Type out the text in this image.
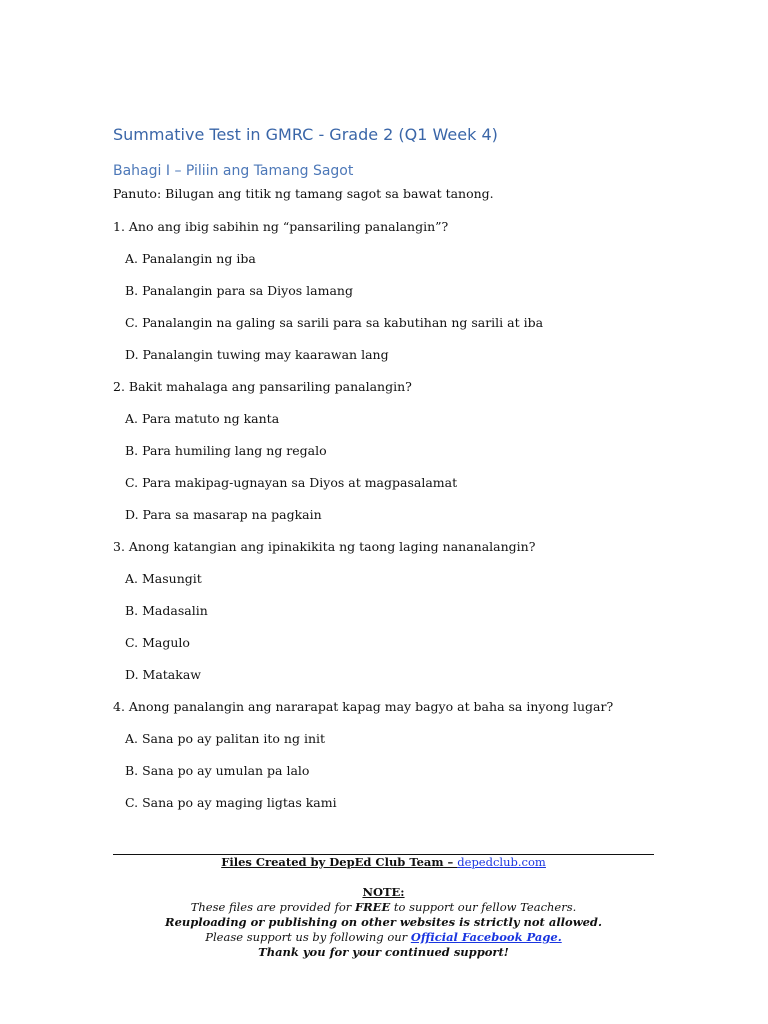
Summative Test in GMRC - Grade 2 (Q1 Week 4)
Bahagi I – Piliin ang Tamang Sagot
Panuto: Bilugan ang titik ng tamang sagot sa bawat tanong.
1. Ano ang ibig sabihin ng “pansariling panalangin”?
A. Panalangin ng iba
B. Panalangin para sa Diyos lamang
C. Panalangin na galing sa sarili para sa kabutihan ng sarili at iba
D. Panalangin tuwing may kaarawan lang
2. Bakit mahalaga ang pansariling panalangin?
A. Para matuto ng kanta
B. Para humiling lang ng regalo
C. Para makipag-ugnayan sa Diyos at magpasalamat
D. Para sa masarap na pagkain
3. Anong katangian ang ipinakikita ng taong laging nananalangin?
A. Masungit
B. Madasalin
C. Magulo
D. Matakaw
4. Anong panalangin ang nararapat kapag may bagyo at baha sa inyong lugar?
A. Sana po ay palitan ito ng init
B. Sana po ay umulan pa lalo
C. Sana po ay maging ligtas kami
Files Created by DepEd Club Team – depedclub.com
NOTE:
These files are provided for FREE to support our fellow Teachers.
Reuploading or publishing on other websites is strictly not allowed.
Please support us by following our Official Facebook Page.
Thank you for your continued support!
